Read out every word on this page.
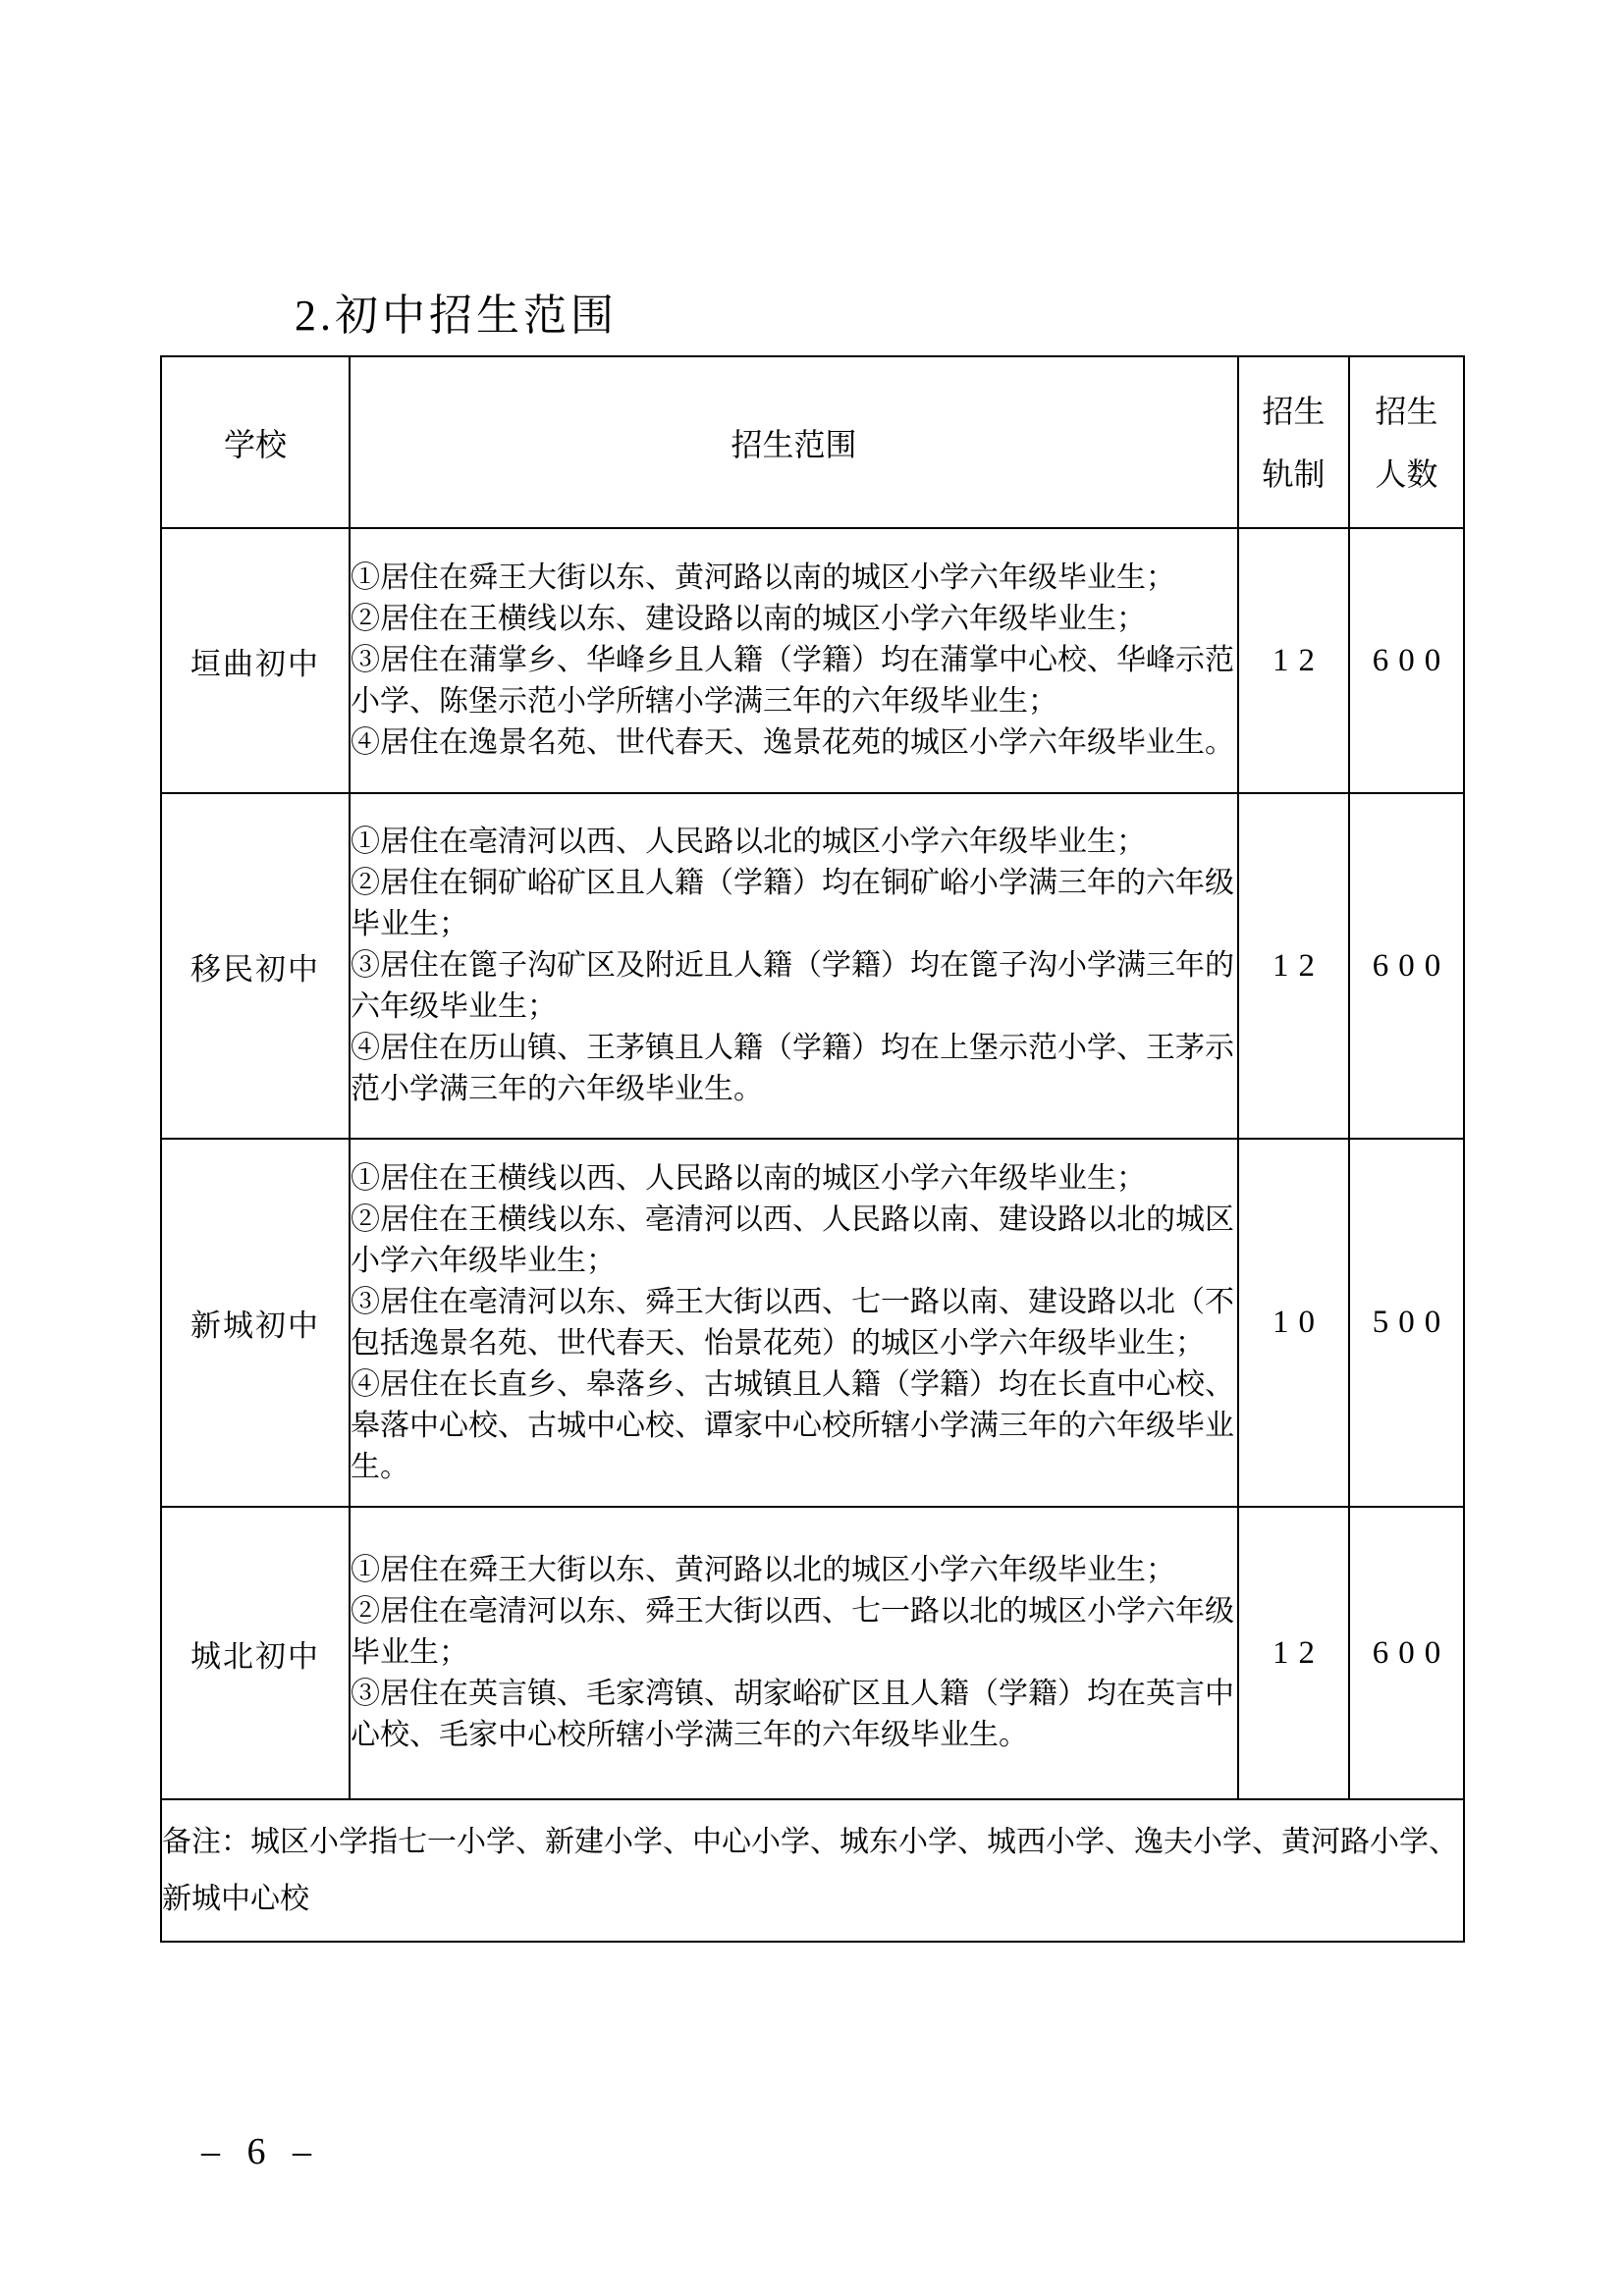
2.初中招生范围
学校	招生范围	招生轨制	招生人数

垣曲初中	①居住在舜王大街以东、黄河路以南的城区小学六年级毕业生；

②居住在王横线以东、建设路以南的城区小学六年级毕业生；

③居住在蒲掌乡、华峰乡且人籍（学籍）均在蒲掌中心校、华峰示范小学、陈堡示范小学所辖小学满三年的六年级毕业生；

④居住在逸景名苑、世代春天、逸景花苑的城区小学六年级毕业生。	12	600
移民初中	①居住在亳清河以西、人民路以北的城区小学六年级毕业生；

②居住在铜矿峪矿区且人籍（学籍）均在铜矿峪小学满三年的六年级毕业生；

③居住在篦子沟矿区及附近且人籍（学籍）均在篦子沟小学满三年的六年级毕业生；

④居住在历山镇、王茅镇且人籍（学籍）均在上堡示范小学、王茅示范小学满三年的六年级毕业生。	12	600
新城初中	①居住在王横线以西、人民路以南的城区小学六年级毕业生；

②居住在王横线以东、亳清河以西、人民路以南、建设路以北的城区小学六年级毕业生；

③居住在亳清河以东、舜王大街以西、七一路以南、建设路以北（不包括逸景名苑、世代春天、怡景花苑）的城区小学六年级毕业生；

④居住在长直乡、皋落乡、古城镇且人籍（学籍）均在长直中心校、皋落中心校、古城中心校、谭家中心校所辖小学满三年的六年级毕业生。	10	500
城北初中	①居住在舜王大街以东、黄河路以北的城区小学六年级毕业生；

②居住在亳清河以东、舜王大街以西、七一路以北的城区小学六年级毕业生；

③居住在英言镇、毛家湾镇、胡家峪矿区且人籍（学籍）均在英言中心校、毛家中心校所辖小学满三年的六年级毕业生。	12	600
备注：城区小学指七一小学、新建小学、中心小学、城东小学、城西小学、逸夫小学、黄河路小学、新城中心校			
– 6 –
